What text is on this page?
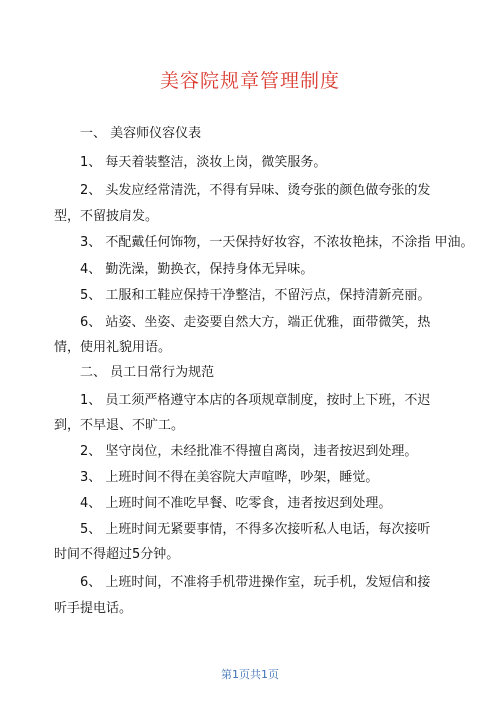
美容院规章管理制度
一、 美容师仪容仪表
1、 每天着装整洁，淡妆上岗，微笑服务。
2、 头发应经常清洗，不得有异味、烫夸张的颜色做夸张的发
型，不留披肩发。
3、 不配戴任何饰物，一天保持好妆容，不浓妆艳抹，不涂指 甲油。
4、 勤洗澡，勤换衣，保持身体无异味。
5、 工服和工鞋应保持干净整洁，不留污点，保持清新亮丽。
6、 站姿、坐姿、走姿要自然大方，端正优雅，面带微笑，热
情，使用礼貌用语。
二、 员工日常行为规范
1、 员工须严格遵守本店的各项规章制度，按时上下班，不迟
到，不早退、不旷工。
2、 坚守岗位，未经批准不得擅自离岗，违者按迟到处理。
3、 上班时间不得在美容院大声喧哗，吵架，睡觉。
4、 上班时间不准吃早餐、吃零食，违者按迟到处理。
5、 上班时间无紧要事情，不得多次接听私人电话，每次接听
时间不得超过5分钟。
6、 上班时间，不准将手机带进操作室，玩手机，发短信和接
听手提电话。
第1页共1页
